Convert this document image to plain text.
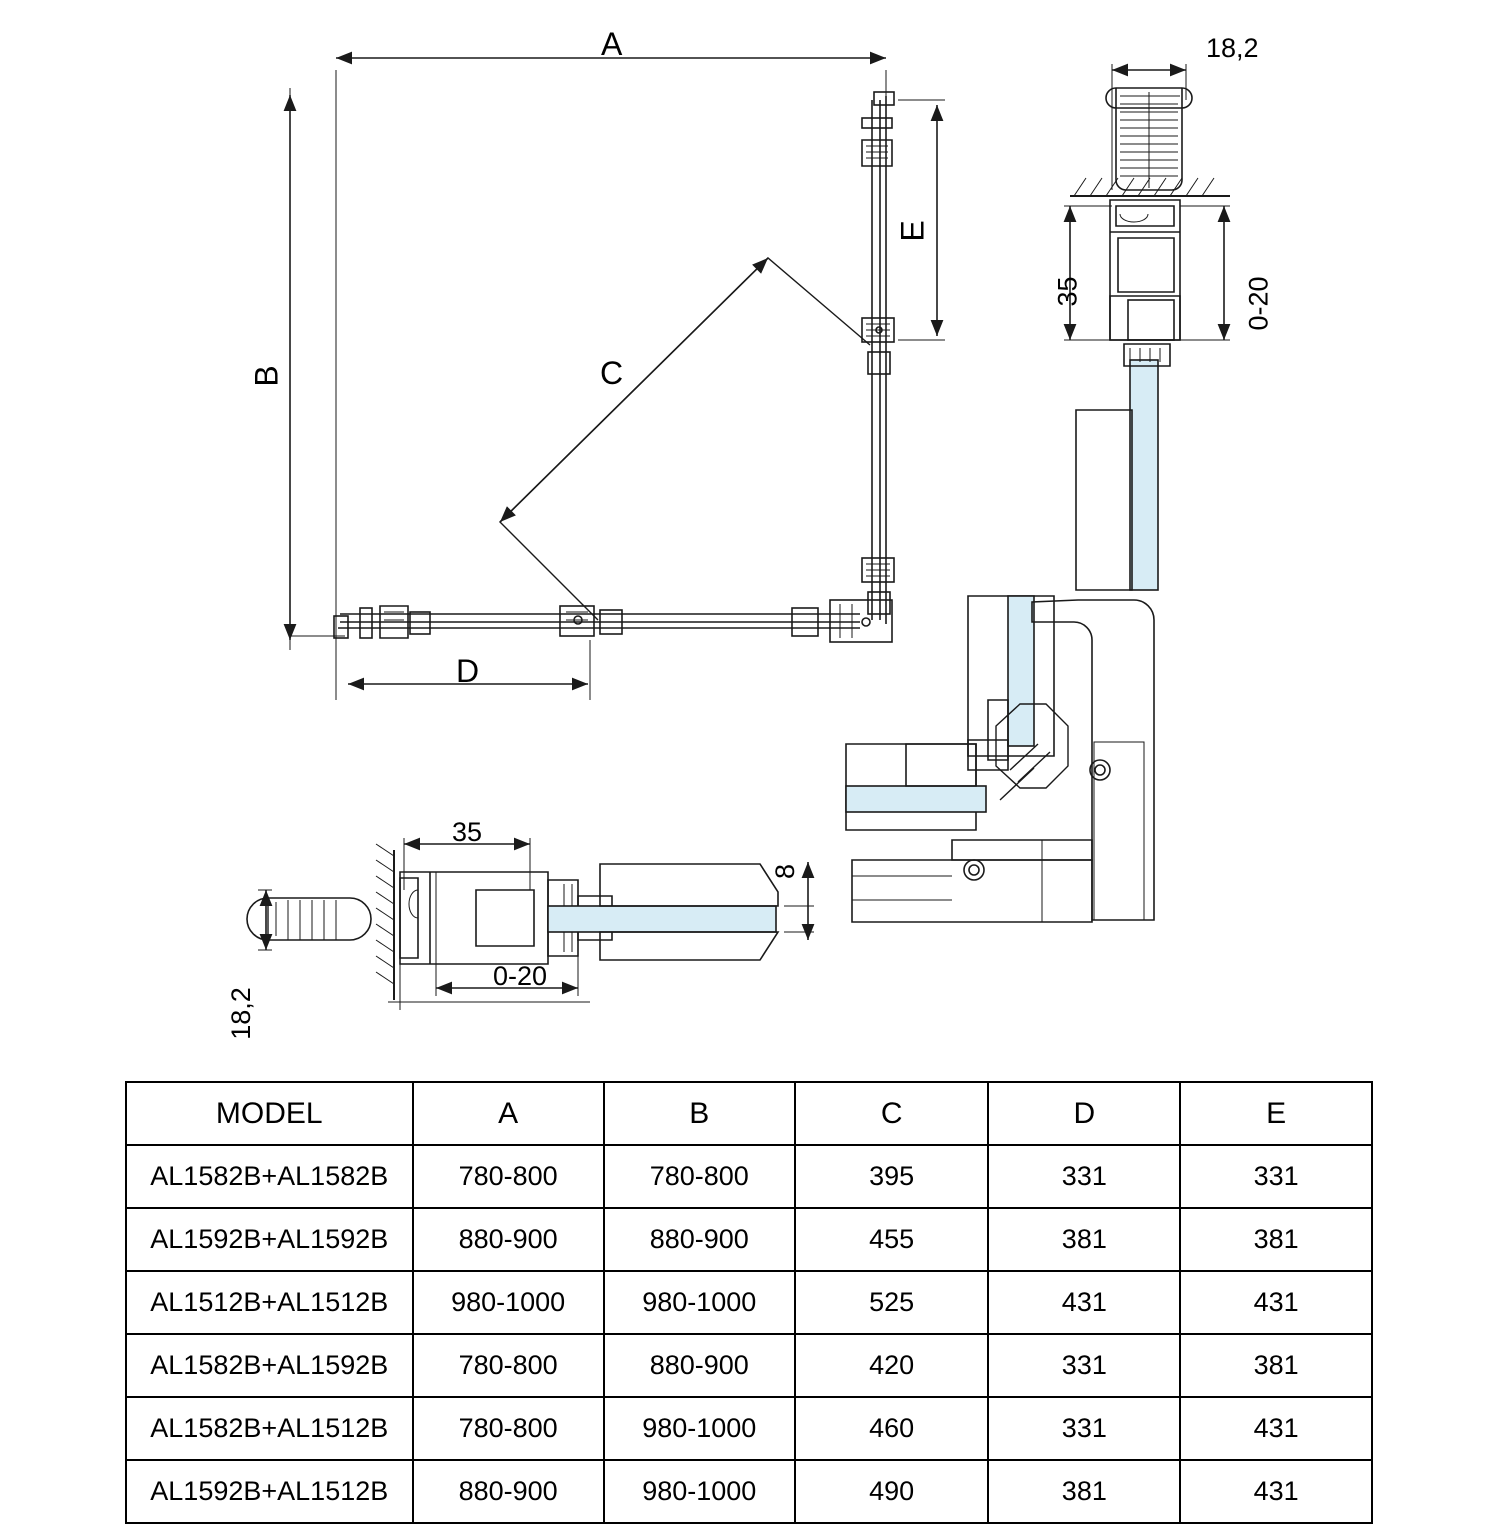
A
B	C
D
E
18,2
35	0-20
35
8
0-20
18,2
MODEL	A	B	C	D	E
AL1582B+AL1582B	780-800	780-800	395	331	331
AL1592B+AL1592B	880-900	880-900	455	381	381
AL1512B+AL1512B	980-1000	980-1000	525	431	431
AL1582B+AL1592B	780-800	880-900	420	331	381
AL1582B+AL1512B	780-800	980-1000	460	331	431
AL1592B+AL1512B	880-900	980-1000	490	381	431
